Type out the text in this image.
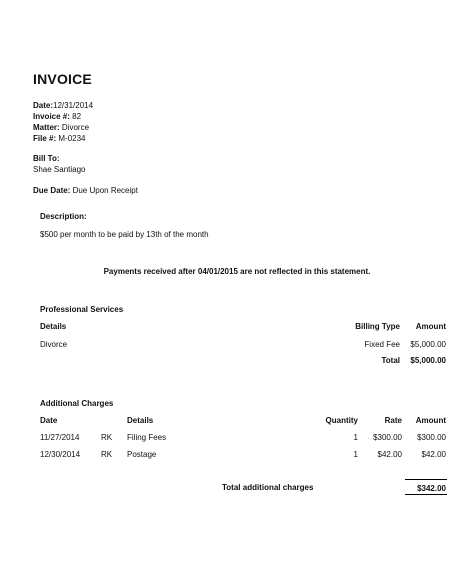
INVOICE
Date:12/31/2014
Invoice #: 82
Matter: Divorce
File #: M-0234
Bill To:
Shae Santiago
Due Date: Due Upon Receipt
Description:
$500 per month to be paid by 13th of the month
Payments received after 04/01/2015 are not reflected in this statement.
Professional Services
Details	Billing Type Amount
Divorce	Fixed Fee $5,000.00
Total $5,000.00
Additional Charges
Date	Details	Quantity	Rate Amount
11/27/2014	RK Filing Fees	1 $300.00 $300.00
12/30/2014	RK Postage	1 $42.00 $42.00
Total additional charges	$342.00
